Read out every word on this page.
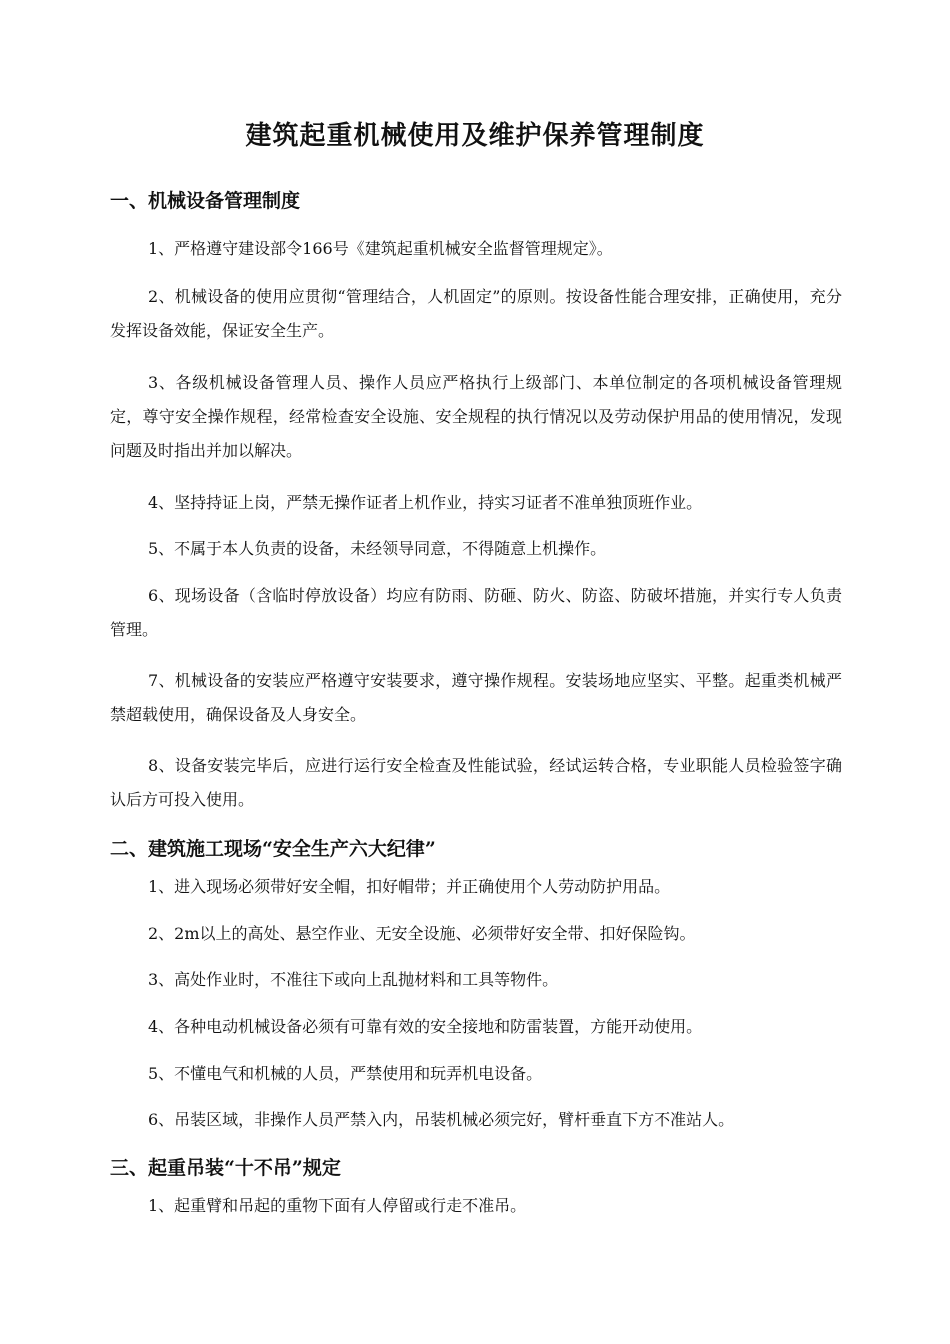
建筑起重机械使用及维护保养管理制度
一、机械设备管理制度

1、严格遵守建设部令166号《建筑起重机械安全监督管理规定》。

2、机械设备的使用应贯彻“管理结合，人机固定”的原则。按设备性能合理安排，正确使用，充分发挥设备效能，保证安全生产。

3、各级机械设备管理人员、操作人员应严格执行上级部门、本单位制定的各项机械设备管理规定，尊守安全操作规程，经常检查安全设施、安全规程的执行情况以及劳动保护用品的使用情况，发现问题及时指出并加以解决。

4、坚持持证上岗，严禁无操作证者上机作业，持实习证者不准单独顶班作业。

5、不属于本人负责的设备，未经领导同意，不得随意上机操作。

6、现场设备（含临时停放设备）均应有防雨、防砸、防火、防盗、防破坏措施，并实行专人负责管理。

7、机械设备的安装应严格遵守安装要求，遵守操作规程。安装场地应坚实、平整。起重类机械严禁超载使用，确保设备及人身安全。

8、设备安装完毕后，应进行运行安全检查及性能试验，经试运转合格，专业职能人员检验签字确认后方可投入使用。

二、建筑施工现场“安全生产六大纪律”

1、进入现场必须带好安全帽，扣好帽带；并正确使用个人劳动防护用品。

2、2m以上的高处、悬空作业、无安全设施、必须带好安全带、扣好保险钩。

3、高处作业时，不准往下或向上乱抛材料和工具等物件。

4、各种电动机械设备必须有可靠有效的安全接地和防雷装置，方能开动使用。

5、不懂电气和机械的人员，严禁使用和玩弄机电设备。

6、吊装区域，非操作人员严禁入内，吊装机械必须完好，臂杆垂直下方不准站人。

三、起重吊装“十不吊”规定

1、起重臂和吊起的重物下面有人停留或行走不准吊。
